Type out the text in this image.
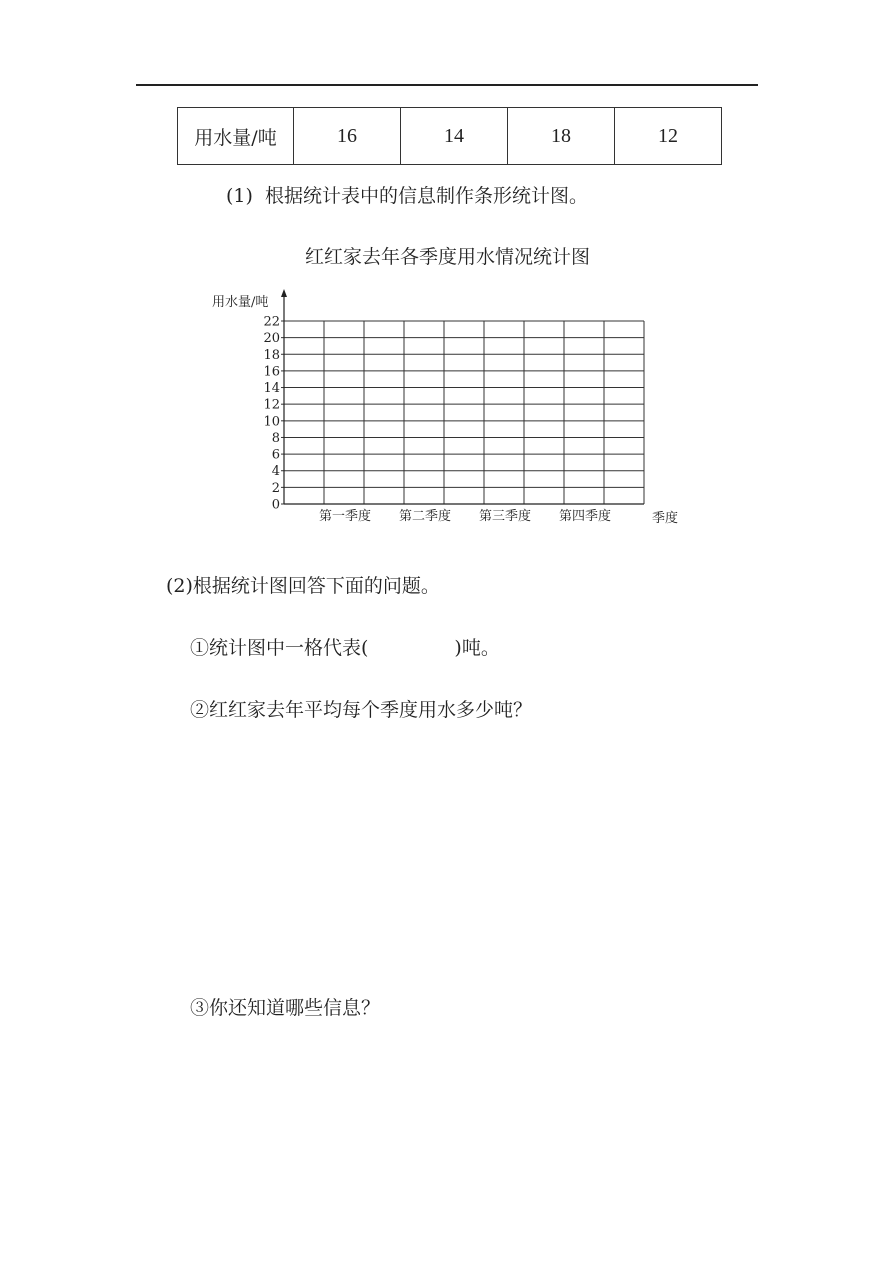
用水量/吨	16	14	18	12
(1) 根据统计表中的信息制作条形统计图。
红红家去年各季度用水情况统计图
0
2
4
6
8
10
12
14
16
18
20
22
第一季度 第二季度 第三季度 第四季度
用水量/吨
季度
(2)根据统计图回答下面的问题。
①统计图中一格代表(	)吨。
②红红家去年平均每个季度用水多少吨？
③你还知道哪些信息？
